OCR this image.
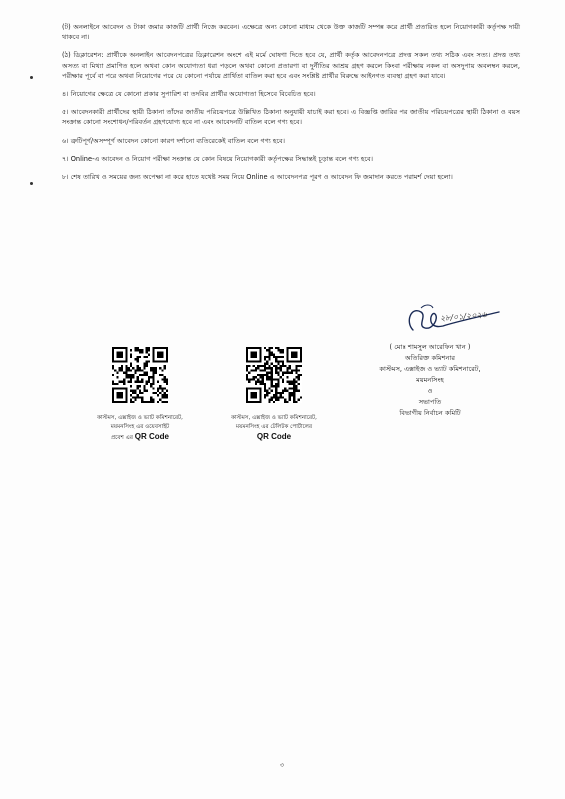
(ট) অনলাইনে আবেদন ও টাকা জমার কাজটি প্রার্থী নিজে করবেন। এক্ষেত্রে অন্য কোনো মাধ্যম থেকে উক্ত কাজটি সম্পন্ন করে প্রার্থী প্রতারিত হলে নিয়োগকারী কর্তৃপক্ষ দায়ী থাকবে না।

(ঠ) ডিক্লারেশন: প্রার্থীকে অনলাইন আবেদনপত্রের ডিক্লারেশন অংশে এই মর্মে ঘোষণা দিতে হবে যে, প্রার্থী কর্তৃক আবেদনপত্রে প্রদত্ত সকল তথ্য সঠিক এবং সত্য। প্রদত্ত তথ্য অসত্য বা মিথ্যা প্রমাণিত হলে অথবা কোন অযোগ্যতা ধরা পড়লে অথবা কোনো প্রতারণা বা দুর্নীতির আশ্রয় গ্রহণ করলে কিংবা পরীক্ষায় নকল বা অসদুপায় অবলম্বন করলে, পরীক্ষার পূর্বে বা পরে অথবা নিয়োগের পরে যে কোনো পর্যায়ে প্রার্থিতা বাতিল করা হবে এবং সংশ্লিষ্ট প্রার্থীর বিরুদ্ধে আইনগত ব্যবস্থা গ্রহণ করা যাবে।

৪। নিয়োগের ক্ষেত্রে যে কোনো প্রকার সুপারিশ বা তদবির প্রার্থীর অযোগ্যতা হিসেবে বিবেচিত হবে।

৫। আবেদনকারী প্রার্থীদের স্থায়ী ঠিকানা তাঁদের জাতীয় পরিচয়পত্রে উল্লিখিত ঠিকানা অনুযায়ী যাচাই করা হবে। এ বিজ্ঞপ্তি জারির পর জাতীয় পরিচয়পত্রের স্থায়ী ঠিকানা ও বয়স সংক্রান্ত কোনো সংশোধন/পরিবর্তন গ্রহণযোগ্য হবে না এবং আবেদনটি বাতিল বলে গণ্য হবে।

৬। ত্রুটিপূর্ণ/অসম্পূর্ণ আবেদন কোনো কারণ দর্শানো ব্যতিরেকেই বাতিল বলে গণ্য হবে।

৭। Online-এ আবেদন ও নিয়োগ পরীক্ষা সংক্রান্ত যে কোন বিষয়ে নিয়োগকারী কর্তৃপক্ষের সিদ্ধান্তই চূড়ান্ত বলে গণ্য হবে।

৮। শেষ তারিখ ও সময়ের জন্য অপেক্ষা না করে হাতে যথেষ্ট সময় নিয়ে Online এ আবেদনপত্র পূরণ ও আবেদন ফি জমাদান করতে পরামর্শ দেয়া হলো।

২৮/০১/২০২৬
( মোঃ শামসুল আরেফিন খান )
অতিরিক্ত কমিশনার
কাস্টমস, এক্সাইজ ও ভ্যাট কমিশনারেট,
ময়মনসিংহ
ও
সভাপতি
বিভাগীয় নির্বাচন কমিটি
কাস্টমস, এক্সাইজ ও ভ্যাট কমিশনারেট,
ময়মনসিংহ এর ওয়েবসাইট
প্রবেশ এর QR Code
কাস্টমস, এক্সাইজ ও ভ্যাট কমিশনারেট,
ময়মনসিংহ এর টেলিটক পোর্টালের
QR Code
৩
